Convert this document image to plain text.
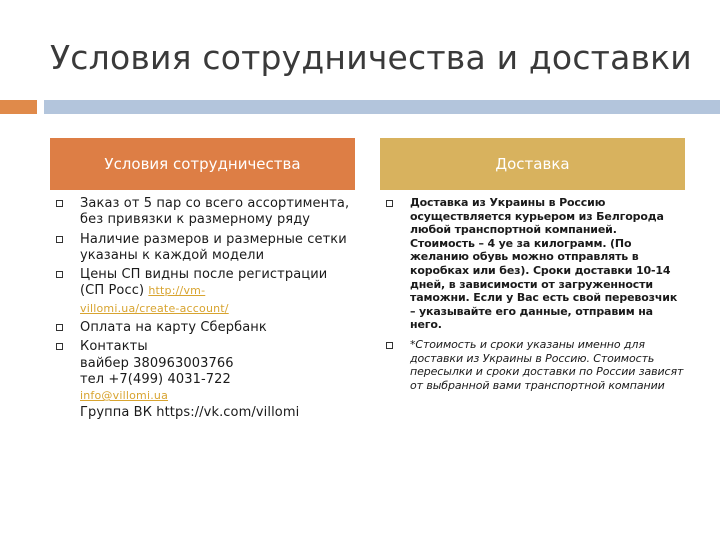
Условия сотрудничества и доставки
Условия сотрудничества	Доставка
Заказ от 5 пар со всего ассортимента, без привязки к размерному ряду
Наличие размеров и размерные сетки указаны к каждой модели
Цены СП видны после регистрации (СП Росс) http://vm-
villomi.ua/create-account/
Оплата на карту Сбербанк
Контакты
вайбер 380963003766
тел +7(499) 4031-722
info@villomi.ua
Группа ВК https://vk.com/villomi
Доставка из Украины в Россию осуществляется курьером из Белгорода любой транспортной компанией. Стоимость – 4 уе за килограмм. (По желанию обувь можно отправлять в коробках или без). Сроки доставки 10-14 дней, в зависимости от загруженности таможни. Если у Вас есть свой перевозчик – указывайте его данные, отправим на него.
*Стоимость и сроки указаны именно для доставки из Украины в Россию. Стоимость пересылки и сроки доставки по России зависят от выбранной вами транспортной компании
